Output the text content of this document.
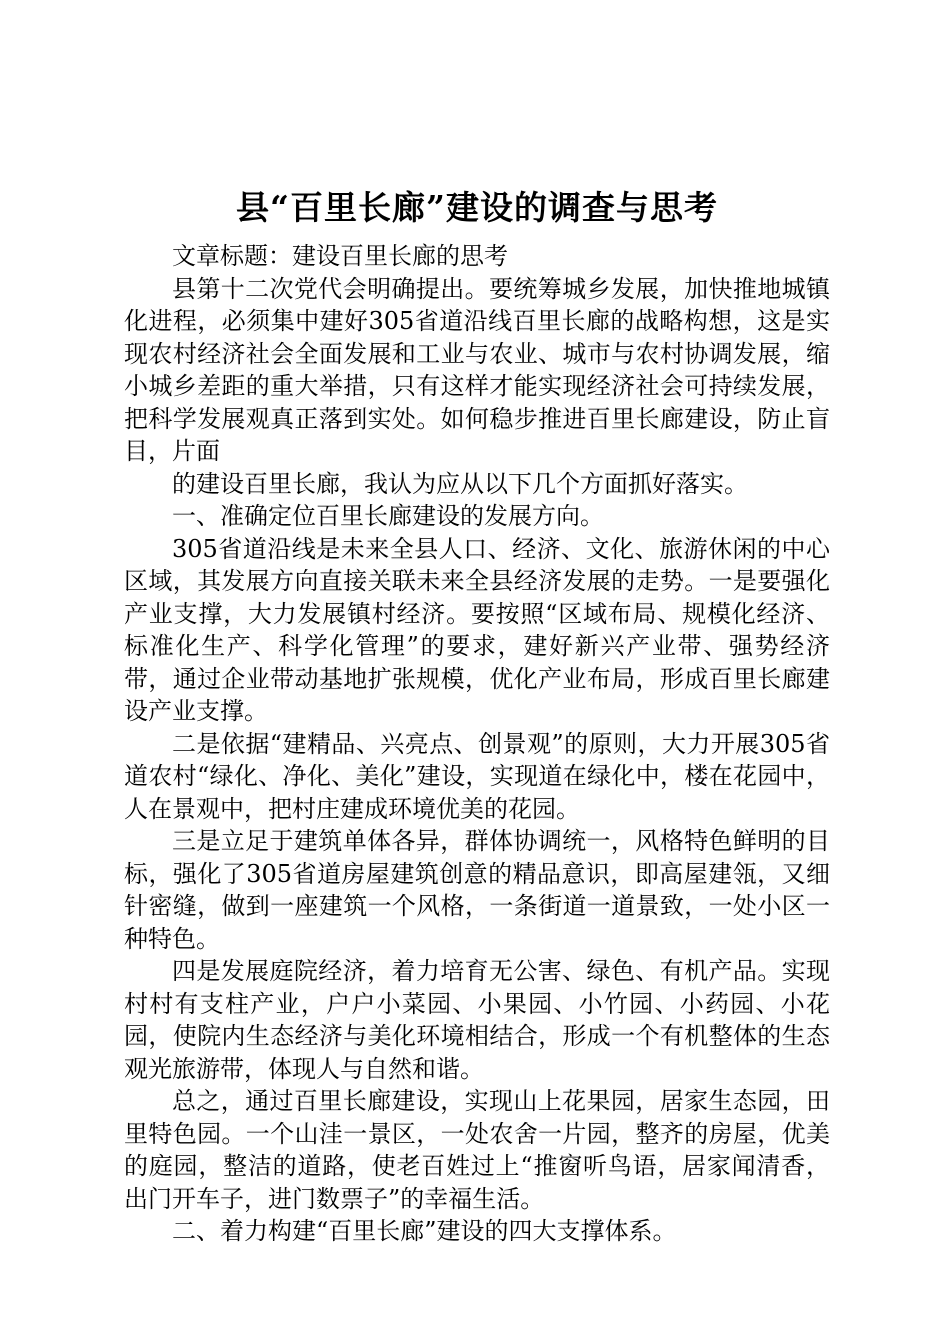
县“百里长廊”建设的调查与思考

文章标题：建设百里长廊的思考

县第十二次党代会明确提出。要统筹城乡发展，加快推地城镇化进程，必须集中建好305省道沿线百里长廊的战略构想，这是实现农村经济社会全面发展和工业与农业、城市与农村协调发展，缩小城乡差距的重大举措，只有这样才能实现经济社会可持续发展，把科学发展观真正落到实处。如何稳步推进百里长廊建设，防止盲目，片面

的建设百里长廊，我认为应从以下几个方面抓好落实。

一、准确定位百里长廊建设的发展方向。

305省道沿线是未来全县人口、经济、文化、旅游休闲的中心区域，其发展方向直接关联未来全县经济发展的走势。一是要强化产业支撑，大力发展镇村经济。要按照“区域布局、规模化经济、标准化生产、科学化管理”的要求，建好新兴产业带、强势经济带，通过企业带动基地扩张规模，优化产业布局，形成百里长廊建设产业支撑。

二是依据“建精品、兴亮点、创景观”的原则，大力开展305省道农村“绿化、净化、美化”建设，实现道在绿化中，楼在花园中，人在景观中，把村庄建成环境优美的花园。

三是立足于建筑单体各异，群体协调统一，风格特色鲜明的目标，强化了305省道房屋建筑创意的精品意识，即高屋建瓴，又细针密缝，做到一座建筑一个风格，一条街道一道景致，一处小区一种特色。

四是发展庭院经济，着力培育无公害、绿色、有机产品。实现村村有支柱产业，户户小菜园、小果园、小竹园、小药园、小花园，使院内生态经济与美化环境相结合，形成一个有机整体的生态观光旅游带，体现人与自然和谐。

总之，通过百里长廊建设，实现山上花果园，居家生态园，田里特色园。一个山洼一景区，一处农舍一片园，整齐的房屋，优美的庭园，整洁的道路，使老百姓过上“推窗听鸟语，居家闻清香，出门开车子，进门数票子”的幸福生活。

二、着力构建“百里长廊”建设的四大支撑体系。
